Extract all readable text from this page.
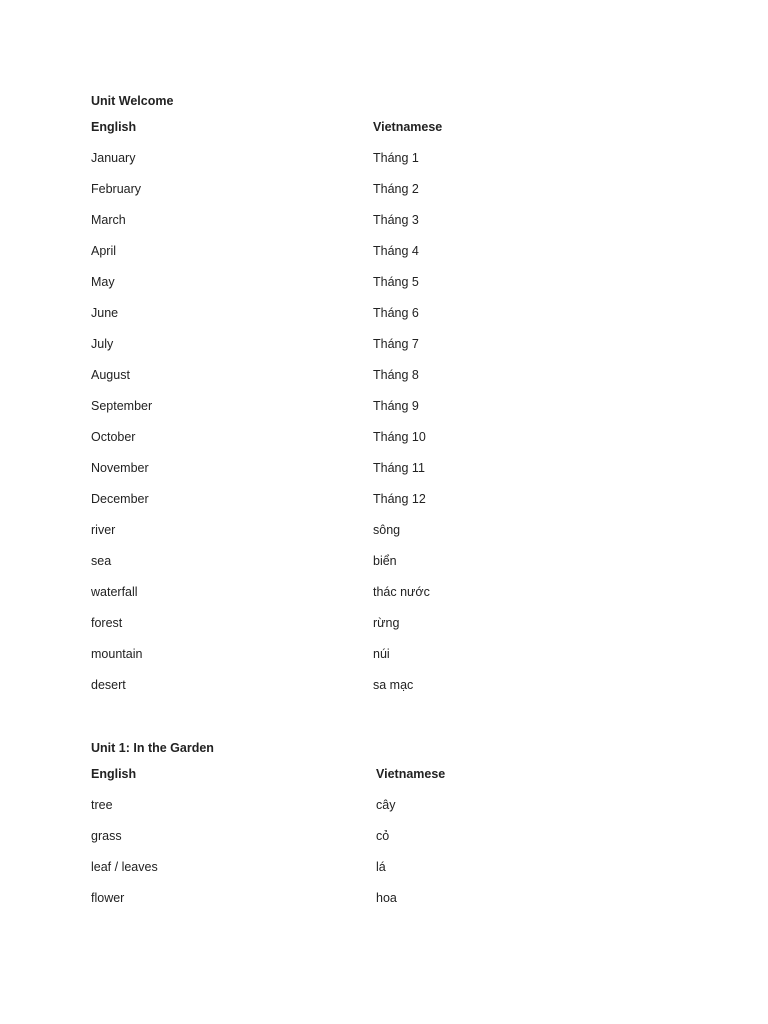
Unit Welcome
English	Vietnamese
January	Tháng 1
February	Tháng 2
March	Tháng 3
April	Tháng 4
May	Tháng 5
June	Tháng 6
July	Tháng 7
August	Tháng 8
September	Tháng 9
October	Tháng 10
November	Tháng 11
December	Tháng 12
river	sông
sea	biển
waterfall	thác nước
forest	rừng
mountain	núi
desert	sa mạc
Unit 1: In the Garden
English	Vietnamese
tree	cây
grass	cỏ
leaf / leaves	lá
flower	hoa
